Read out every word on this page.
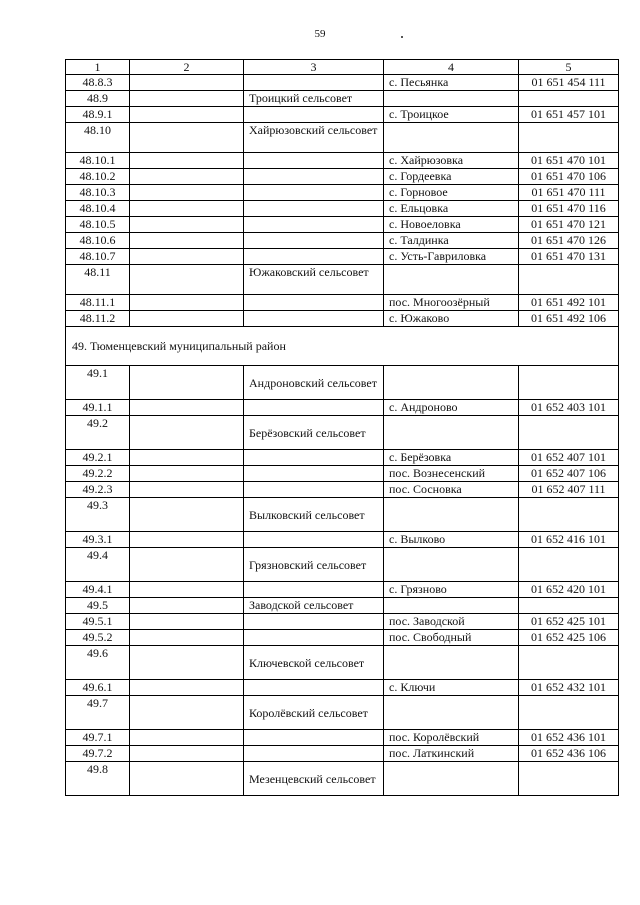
59
1	2	3	4	5
48.8.3			с. Песьянка	01 651 454 111
48.9		Троицкий сельсовет		
48.9.1			с. Троицкое	01 651 457 101
48.10		Хайрюзовский сельсовет		
48.10.1			с. Хайрюзовка	01 651 470 101
48.10.2			с. Гордеевка	01 651 470 106
48.10.3			с. Горновое	01 651 470 111
48.10.4			с. Ельцовка	01 651 470 116
48.10.5			с. Новоеловка	01 651 470 121
48.10.6			с. Талдинка	01 651 470 126
48.10.7			с. Усть-Гавриловка	01 651 470 131
48.11		Южаковский сельсовет		
48.11.1			пос. Многоозёрный	01 651 492 101
48.11.2			с. Южаково	01 651 492 106
49. Тюменцевский муниципальный район				
49.1		Андроновский сельсовет		
49.1.1			с. Андроново	01 652 403 101
49.2		Берёзовский сельсовет		
49.2.1			с. Берёзовка	01 652 407 101
49.2.2			пос. Вознесенский	01 652 407 106
49.2.3			пос. Сосновка	01 652 407 111
49.3		Вылковский сельсовет		
49.3.1			с. Вылково	01 652 416 101
49.4		Грязновский сельсовет		
49.4.1			с. Грязново	01 652 420 101
49.5		Заводской сельсовет		
49.5.1			пос. Заводской	01 652 425 101
49.5.2			пос. Свободный	01 652 425 106
49.6		Ключевской сельсовет		
49.6.1			с. Ключи	01 652 432 101
49.7		Королёвский сельсовет		
49.7.1			пос. Королёвский	01 652 436 101
49.7.2			пос. Латкинский	01 652 436 106
49.8		Мезенцевский сельсовет		
